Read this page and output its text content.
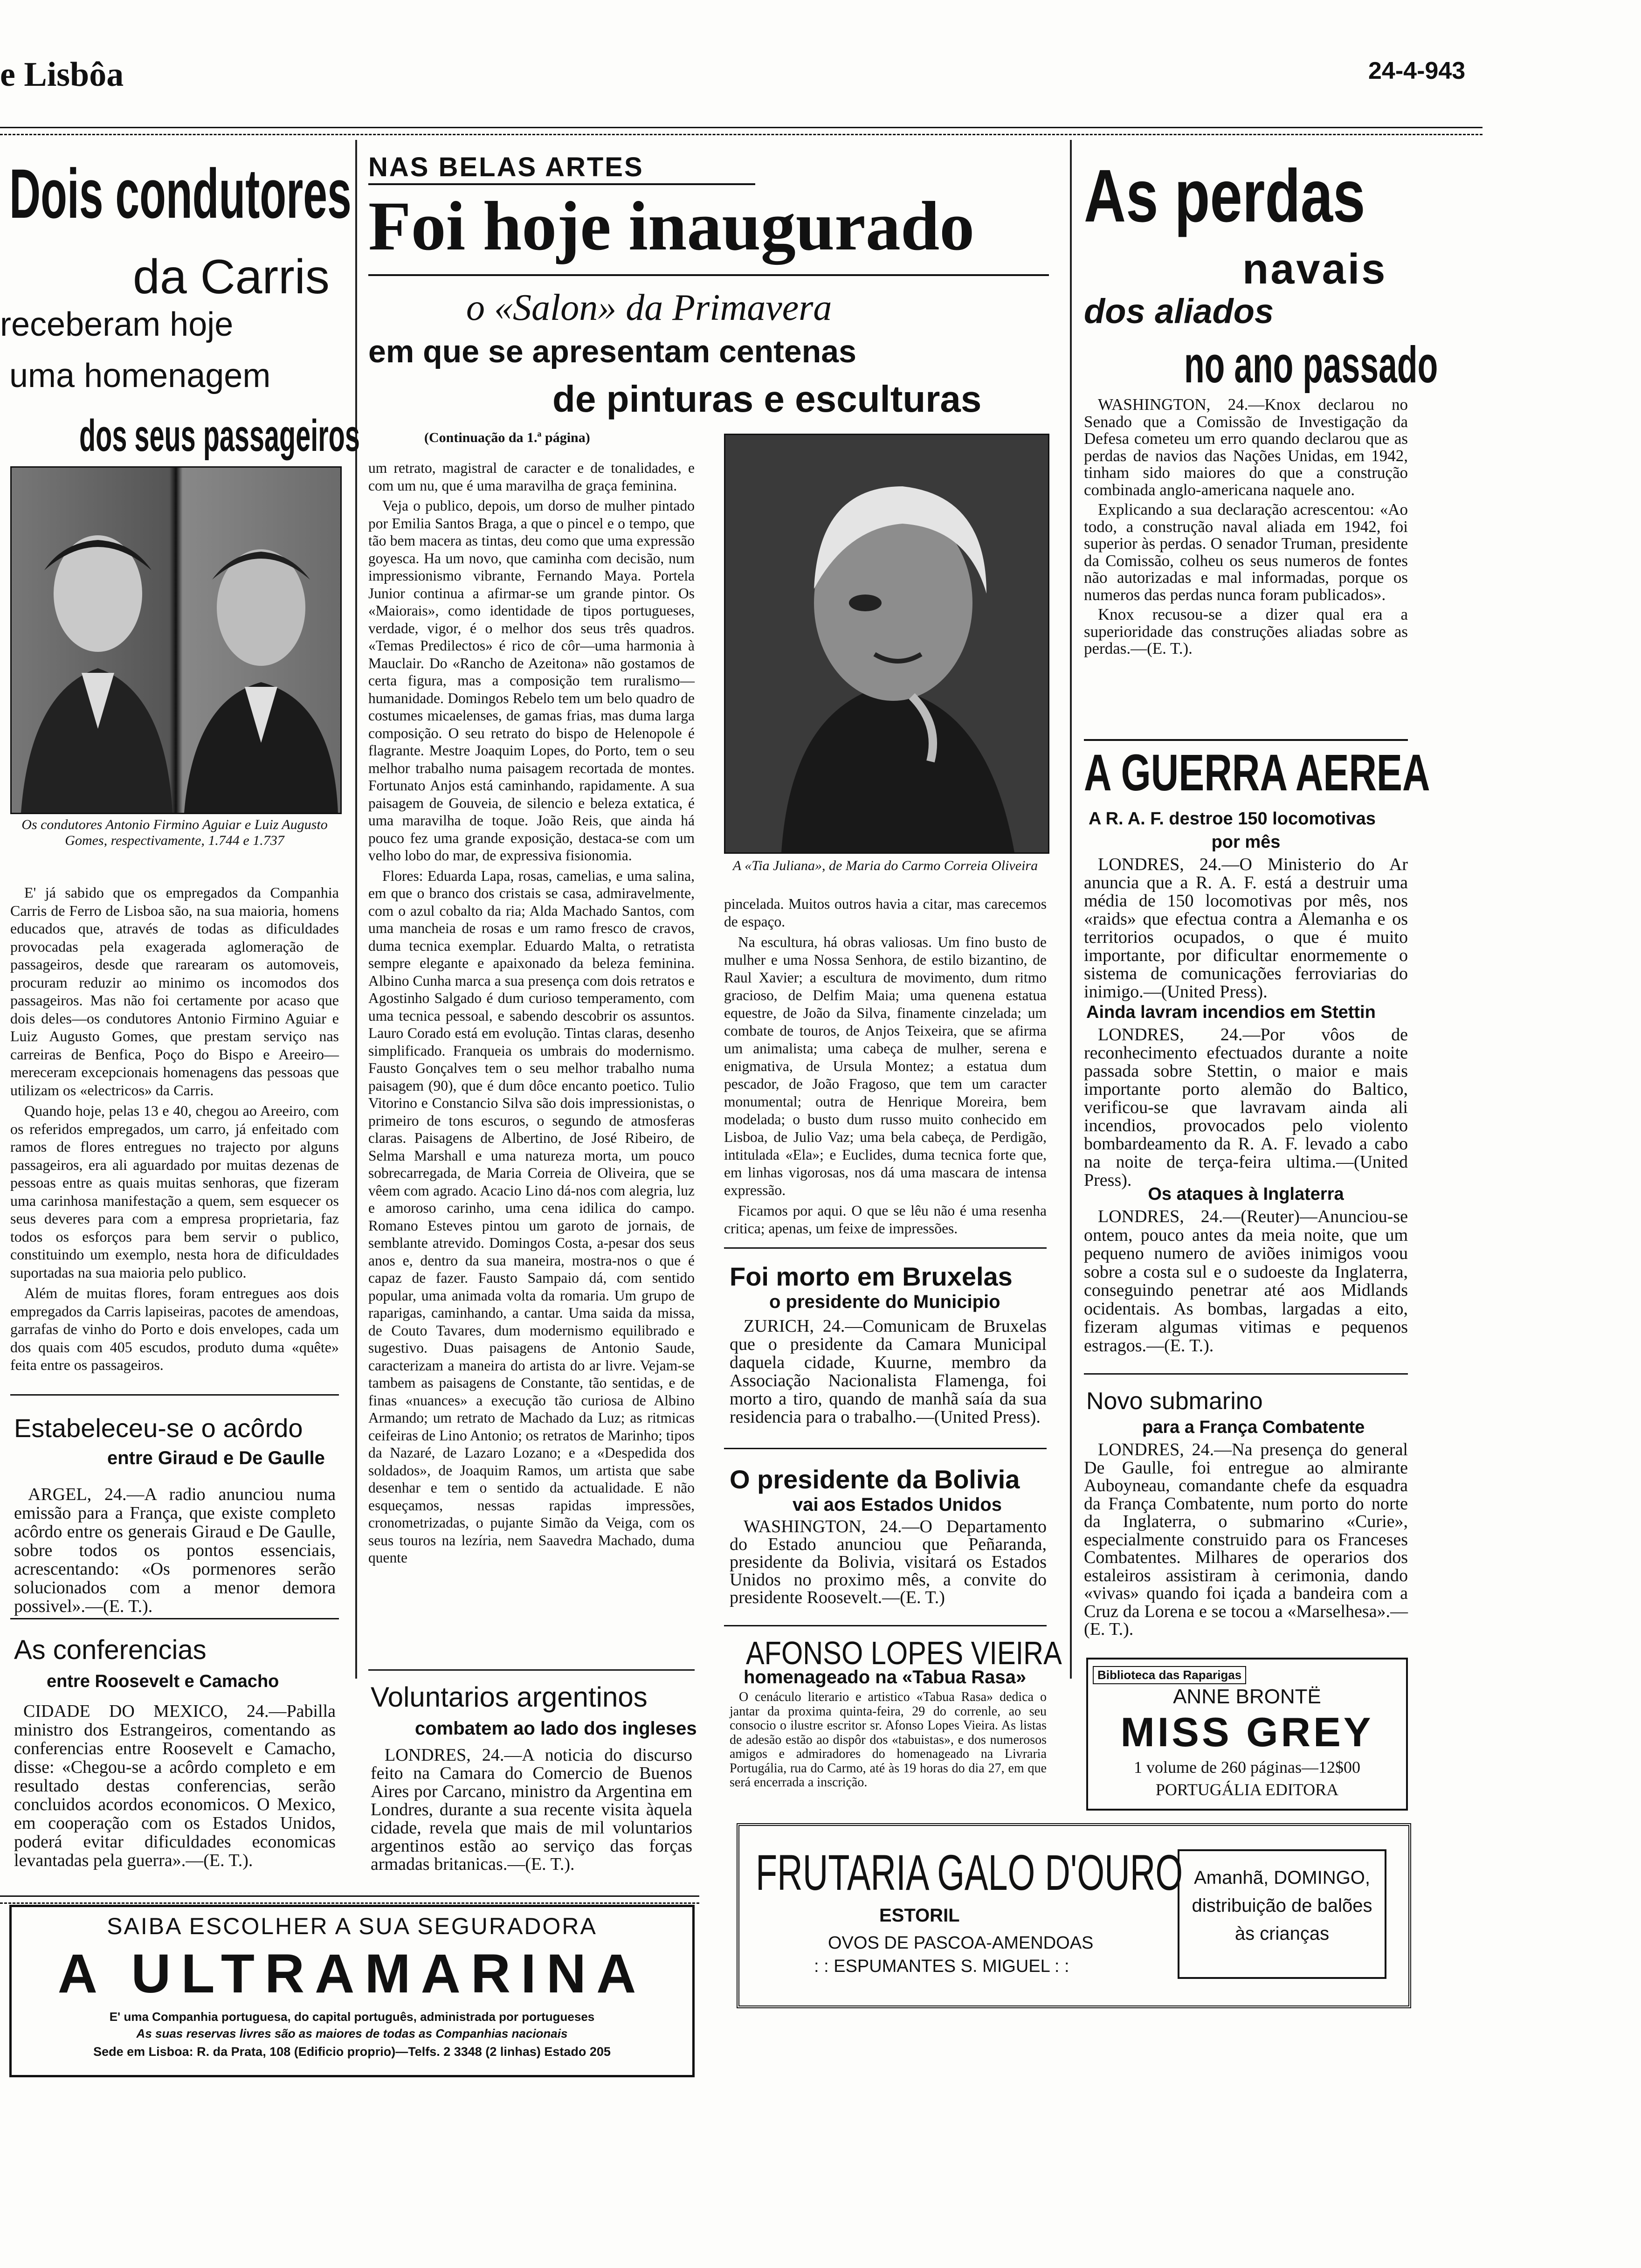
e Lisbôa	24-4-943
Dois condutores
da Carris
receberam hoje
uma homenagem
dos seus passageiros
Os condutores Antonio Firmino Aguiar e Luiz Augusto Gomes, respectivamente, 1.744 e 1.737

E' já sabido que os empregados da Companhia Carris de Ferro de Lisboa são, na sua maioria, homens educados que, através de todas as dificuldades provocadas pela exagerada aglomeração de passageiros, desde que rarearam os automoveis, procuram reduzir ao minimo os incomodos dos passageiros. Mas não foi certamente por acaso que dois deles—os condutores Antonio Firmino Aguiar e Luiz Augusto Gomes, que prestam serviço nas carreiras de Benfica, Poço do Bispo e Areeiro—mereceram excepcionais homenagens das pessoas que utilizam os «electricos» da Carris.

Quando hoje, pelas 13 e 40, chegou ao Areeiro, com os referidos empregados, um carro, já enfeitado com ramos de flores entregues no trajecto por alguns passageiros, era ali aguardado por muitas dezenas de pessoas entre as quais muitas senhoras, que fizeram uma carinhosa manifestação a quem, sem esquecer os seus deveres para com a empresa proprietaria, faz todos os esforços para bem servir o publico, constituindo um exemplo, nesta hora de dificuldades suportadas na sua maioria pelo publico.

Além de muitas flores, foram entregues aos dois empregados da Carris lapiseiras, pacotes de amendoas, garrafas de vinho do Porto e dois envelopes, cada um dos quais com 405 escudos, produto duma «quête» feita entre os passageiros.

Estabeleceu-se o acôrdo
entre Giraud e De Gaulle
ARGEL, 24.—A radio anunciou numa emissão para a França, que existe completo acôrdo entre os generais Giraud e De Gaulle, sobre todos os pontos essenciais, acrescentando: «Os pormenores serão solucionados com a menor demora possivel».—(E. T.).
As conferencias
entre Roosevelt e Camacho
CIDADE DO MEXICO, 24.—Pabilla ministro dos Estrangeiros, comentando as conferencias entre Roosevelt e Camacho, disse: «Chegou-se a acôrdo completo e em resultado destas conferencias, serão concluidos acordos economicos. O Mexico, em cooperação com os Estados Unidos, poderá evitar dificuldades economicas levantadas pela guerra».—(E. T.).
NAS BELAS ARTES
Foi hoje inaugurado
o «Salon» da Primavera
em que se apresentam centenas
de pinturas e esculturas
(Continuação da 1.ª página)

um retrato, magistral de caracter e de tonalidades, e com um nu, que é uma maravilha de graça feminina.

Veja o publico, depois, um dorso de mulher pintado por Emilia Santos Braga, a que o pincel e o tempo, que tão bem macera as tintas, deu como que uma expressão goyesca. Ha um novo, que caminha com decisão, num impressionismo vibrante, Fernando Maya. Portela Junior continua a afirmar-se um grande pintor. Os «Maiorais», como identidade de tipos portugueses, verdade, vigor, é o melhor dos seus três quadros. «Temas Predilectos» é rico de côr—uma harmonia à Mauclair. Do «Rancho de Azeitona» não gostamos de certa figura, mas a composição tem ruralismo—humanidade. Domingos Rebelo tem um belo quadro de costumes micaelenses, de gamas frias, mas duma larga composição. O seu retrato do bispo de Helenopole é flagrante. Mestre Joaquim Lopes, do Porto, tem o seu melhor trabalho numa paisagem recortada de montes. Fortunato Anjos está caminhando, rapidamente. A sua paisagem de Gouveia, de silencio e beleza extatica, é uma maravilha de toque. João Reis, que ainda há pouco fez uma grande exposição, destaca-se com um velho lobo do mar, de expressiva fisionomia.

Flores: Eduarda Lapa, rosas, camelias, e uma salina, em que o branco dos cristais se casa, admiravelmente, com o azul cobalto da ria; Alda Machado Santos, com uma mancheia de rosas e um ramo fresco de cravos, duma tecnica exemplar. Eduardo Malta, o retratista sempre elegante e apaixonado da beleza feminina. Albino Cunha marca a sua presença com dois retratos e Agostinho Salgado é dum curioso temperamento, com uma tecnica pessoal, e sabendo descobrir os assuntos. Lauro Corado está em evolução. Tintas claras, desenho simplificado. Franqueia os umbrais do modernismo. Fausto Gonçalves tem o seu melhor trabalho numa paisagem (90), que é dum dôce encanto poetico. Tulio Vitorino e Constancio Silva são dois impressionistas, o primeiro de tons escuros, o segundo de atmosferas claras. Paisagens de Albertino, de José Ribeiro, de Selma Marshall e uma natureza morta, um pouco sobrecarregada, de Maria Correia de Oliveira, que se vêem com agrado. Acacio Lino dá-nos com alegria, luz e amoroso carinho, uma cena idilica do campo. Romano Esteves pintou um garoto de jornais, de semblante atrevido. Domingos Costa, a-pesar dos seus anos e, dentro da sua maneira, mostra-nos o que é capaz de fazer. Fausto Sampaio dá, com sentido popular, uma animada volta da romaria. Um grupo de raparigas, caminhando, a cantar. Uma saida da missa, de Couto Tavares, dum modernismo equilibrado e sugestivo. Duas paisagens de Antonio Saude, caracterizam a maneira do artista do ar livre. Vejam-se tambem as paisagens de Constante, tão sentidas, e de finas «nuances» a execução tão curiosa de Albino Armando; um retrato de Machado da Luz; as ritmicas ceifeiras de Lino Antonio; os retratos de Marinho; tipos da Nazaré, de Lazaro Lozano; e a «Despedida dos soldados», de Joaquim Ramos, um artista que sabe desenhar e tem o sentido da actualidade. E não esqueçamos, nessas rapidas impressões, cronometrizadas, o pujante Simão da Veiga, com os seus touros na lezíria, nem Saavedra Machado, duma quente

Voluntarios argentinos
combatem ao lado dos ingleses
LONDRES, 24.—A noticia do discurso feito na Camara do Comercio de Buenos Aires por Carcano, ministro da Argentina em Londres, durante a sua recente visita àquela cidade, revela que mais de mil voluntarios argentinos estão ao serviço das forças armadas britanicas.—(E. T.).
A «Tia Juliana», de Maria do Carmo Correia Oliveira

pincelada. Muitos outros havia a citar, mas carecemos de espaço.

Na escultura, há obras valiosas. Um fino busto de mulher e uma Nossa Senhora, de estilo bizantino, de Raul Xavier; a escultura de movimento, dum ritmo gracioso, de Delfim Maia; uma quenena estatua equestre, de João da Silva, finamente cinzelada; um combate de touros, de Anjos Teixeira, que se afirma um animalista; uma cabeça de mulher, serena e enigmativa, de Ursula Montez; a estatua dum pescador, de João Fragoso, que tem um caracter monumental; outra de Henrique Moreira, bem modelada; o busto dum russo muito conhecido em Lisboa, de Julio Vaz; uma bela cabeça, de Perdigão, intitulada «Ela»; e Euclides, duma tecnica forte que, em linhas vigorosas, nos dá uma mascara de intensa expressão.

Ficamos por aqui. O que se lêu não é uma resenha critica; apenas, um feixe de impressões.

Foi morto em Bruxelas
o presidente do Municipio
ZURICH, 24.—Comunicam de Bruxelas que o presidente da Camara Municipal daquela cidade, Kuurne, membro da Associação Nacionalista Flamenga, foi morto a tiro, quando de manhã saía da sua residencia para o trabalho.—(United Press).
O presidente da Bolivia
vai aos Estados Unidos
WASHINGTON, 24.—O Departamento do Estado anunciou que Peñaranda, presidente da Bolivia, visitará os Estados Unidos no proximo mês, a convite do presidente Roosevelt.—(E. T.)
AFONSO LOPES VIEIRA
homenageado na «Tabua Rasa»
O cenáculo literario e artistico «Tabua Rasa» dedica o jantar da proxima quinta-feira, 29 do correnle, ao seu consocio o ilustre escritor sr. Afonso Lopes Vieira. As listas de adesão estão ao dispôr dos «tabuistas», e dos numerosos amigos e admiradores do homenageado na Livraria Portugália, rua do Carmo, até às 19 horas do dia 27, em que será encerrada a inscrição.
As perdas
navais
dos aliados
no ano passado

WASHINGTON, 24.—Knox declarou no Senado que a Comissão de Investigação da Defesa cometeu um erro quando declarou que as perdas de navios das Nações Unidas, em 1942, tinham sido maiores do que a construção combinada anglo-americana naquele ano.

Explicando a sua declaração acrescentou: «Ao todo, a construção naval aliada em 1942, foi superior às perdas. O senador Truman, presidente da Comissão, colheu os seus numeros de fontes não autorizadas e mal informadas, porque os numeros das perdas nunca foram publicados».

Knox recusou-se a dizer qual era a superioridade das construções aliadas sobre as perdas.—(E. T.).

A GUERRA AEREA
A R. A. F. destroe 150 locomotivas
por mês
LONDRES, 24.—O Ministerio do Ar anuncia que a R. A. F. está a destruir uma média de 150 locomotivas por mês, nos «raids» que efectua contra a Alemanha e os territorios ocupados, o que é muito importante, por dificultar enormemente o sistema de comunicações ferroviarias do inimigo.—(United Press).
Ainda lavram incendios em Stettin
LONDRES, 24.—Por vôos de reconhecimento efectuados durante a noite passada sobre Stettin, o maior e mais importante porto alemão do Baltico, verificou-se que lavravam ainda ali incendios, provocados pelo violento bombardeamento da R. A. F. levado a cabo na noite de terça-feira ultima.—(United Press).
Os ataques à Inglaterra
LONDRES, 24.—(Reuter)—Anunciou-se ontem, pouco antes da meia noite, que um pequeno numero de aviões inimigos voou sobre a costa sul e o sudoeste da Inglaterra, conseguindo penetrar até aos Midlands ocidentais. As bombas, largadas a eito, fizeram algumas vitimas e pequenos estragos.—(E. T.).
Novo submarino
para a França Combatente
LONDRES, 24.—Na presença do general De Gaulle, foi entregue ao almirante Auboyneau, comandante chefe da esquadra da França Combatente, num porto do norte da Inglaterra, o submarino «Curie», especialmente construido para os Franceses Combatentes. Milhares de operarios dos estaleiros assistiram à cerimonia, dando «vivas» quando foi içada a bandeira com a Cruz da Lorena e se tocou a «Marselhesa».—(E. T.).
Biblioteca das Raparigas
ANNE BRONTË
MISS GREY
1 volume de 260 páginas—12$00
PORTUGÁLIA EDITORA
SAIBA ESCOLHER A SUA SEGURADORA
A ULTRAMARINA
E' uma Companhia portuguesa, do capital português, administrada por portugueses
As suas reservas livres são as maiores de todas as Companhias nacionais
Sede em Lisboa: R. da Prata, 108 (Edificio proprio)—Telfs. 2 3348 (2 linhas) Estado 205
FRUTARIA GALO D'OURO
ESTORIL
OVOS DE PASCOA-AMENDOAS
: : ESPUMANTES S. MIGUEL : :
Amanhã, DOMINGO,
distribuição de balões
às crianças
